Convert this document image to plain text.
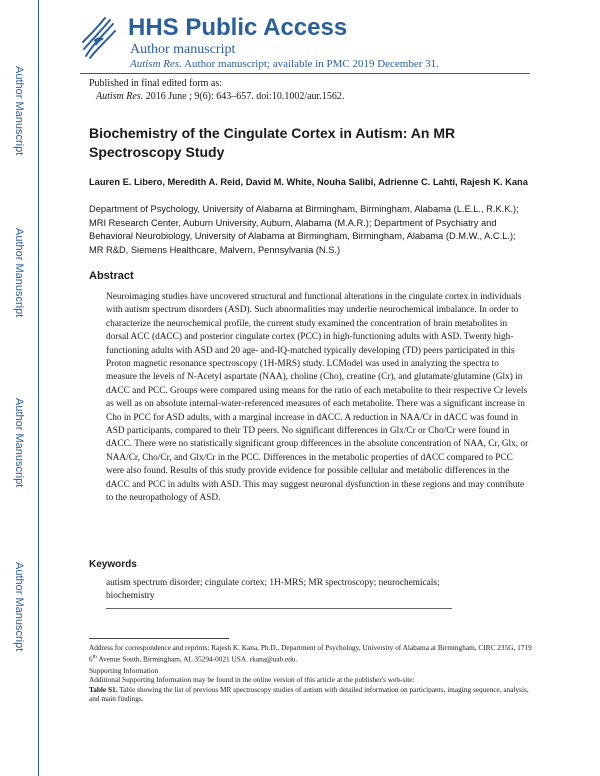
Author Manuscript
Author Manuscript
Author Manuscript
Author Manuscript
HHS Public Access
Author manuscript
Autism Res. Author manuscript; available in PMC 2019 December 31.
Published in final edited form as:
Autism Res. 2016 June ; 9(6): 643–657. doi:10.1002/aur.1562.
Biochemistry of the Cingulate Cortex in Autism: An MR Spectroscopy Study
Lauren E. Libero, Meredith A. Reid, David M. White, Nouha Salibi, Adrienne C. Lahti, Rajesh K. Kana
Department of Psychology, University of Alabama at Birmingham, Birmingham, Alabama (L.E.L., R.K.K.); MRI Research Center, Auburn University, Auburn, Alabama (M.A.R.); Department of Psychiatry and Behavioral Neurobiology, University of Alabama at Birmingham, Birmingham, Alabama (D.M.W., A.C.L.); MR R&D, Siemens Healthcare, Malvern, Pennsylvania (N.S.)
Abstract
Neuroimaging studies have uncovered structural and functional alterations in the cingulate cortex in individuals with autism spectrum disorders (ASD). Such abnormalities may underlie neurochemical imbalance. In order to characterize the neurochemical profile, the current study examined the concentration of brain metabolites in dorsal ACC (dACC) and posterior cingulate cortex (PCC) in high-functioning adults with ASD. Twenty high-functioning adults with ASD and 20 age- and-IQ-matched typically developing (TD) peers participated in this Proton magnetic resonance spectroscopy (1H-MRS) study. LCModel was used in analyzing the spectra to measure the levels of N-Acetyl aspartate (NAA), choline (Cho), creatine (Cr), and glutamate/glutamine (Glx) in dACC and PCC. Groups were compared using means for the ratio of each metabolite to their respective Cr levels as well as on absolute internal-water-referenced measures of each metabolite. There was a significant increase in Cho in PCC for ASD adults, with a marginal increase in dACC. A reduction in NAA/Cr in dACC was found in ASD participants, compared to their TD peers. No significant differences in Glx/Cr or Cho/Cr were found in dACC. There were no statistically significant group differences in the absolute concentration of NAA, Cr, Glx, or NAA/Cr, Cho/Cr, and Glx/Cr in the PCC. Differences in the metabolic properties of dACC compared to PCC were also found. Results of this study provide evidence for possible cellular and metabolic differences in the dACC and PCC in adults with ASD. This may suggest neuronal dysfunction in these regions and may contribute to the neuropathology of ASD.
Keywords
autism spectrum disorder; cingulate cortex; 1H-MRS; MR spectroscopy; neurochemicals; biochemistry

Address for correspondence and reprints: Rajesh K. Kana, Ph.D., Department of Psychology, University of Alabama at Birmingham, CIRC 235G, 1719 6th Avenue South, Birmingham, AL 35294-0021 USA. rkana@uab.edu.

Supporting Information

Additional Supporting Information may be found in the online version of this article at the publisher's web-site:

Table S1. Table showing the list of previous MR spectroscopy studies of autism with detailed information on participants, imaging sequence, analysis, and main findings.
